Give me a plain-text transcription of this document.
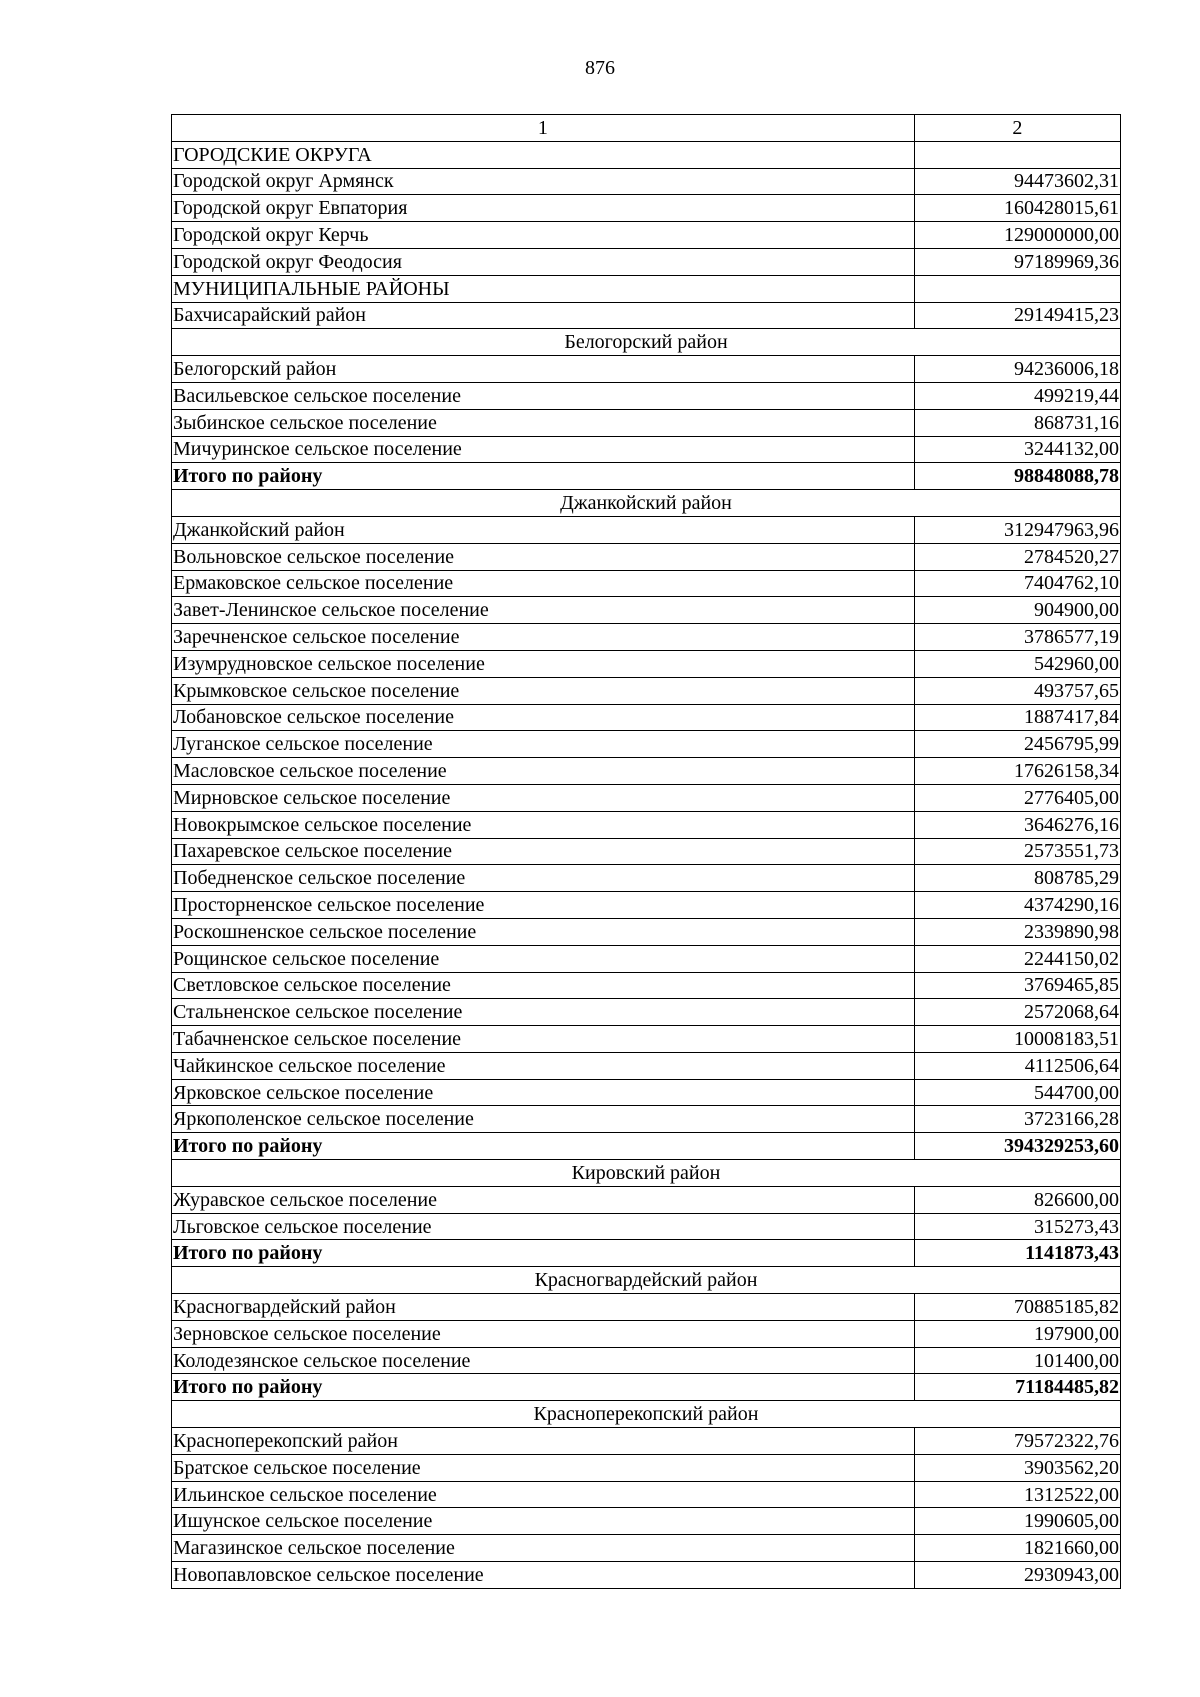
876
1	2
ГОРОДСКИЕ ОКРУГА	
Городской округ Армянск	94473602,31
Городской округ Евпатория	160428015,61
Городской округ Керчь	129000000,00
Городской округ Феодосия	97189969,36
МУНИЦИПАЛЬНЫЕ РАЙОНЫ	
Бахчисарайский район	29149415,23
Белогорский район	
Белогорский район	94236006,18
Васильевское сельское поселение	499219,44
Зыбинское сельское поселение	868731,16
Мичуринское сельское поселение	3244132,00
Итого по району	98848088,78
Джанкойский район	
Джанкойский район	312947963,96
Вольновское сельское поселение	2784520,27
Ермаковское сельское поселение	7404762,10
Завет-Ленинское сельское поселение	904900,00
Заречненское сельское поселение	3786577,19
Изумрудновское сельское поселение	542960,00
Крымковское сельское поселение	493757,65
Лобановское сельское поселение	1887417,84
Луганское сельское поселение	2456795,99
Масловское сельское поселение	17626158,34
Мирновское сельское поселение	2776405,00
Новокрымское сельское поселение	3646276,16
Пахаревское сельское поселение	2573551,73
Победненское сельское поселение	808785,29
Просторненское сельское поселение	4374290,16
Роскошненское сельское поселение	2339890,98
Рощинское сельское поселение	2244150,02
Светловское сельское поселение	3769465,85
Стальненское сельское поселение	2572068,64
Табачненское сельское поселение	10008183,51
Чайкинское сельское поселение	4112506,64
Ярковское сельское поселение	544700,00
Яркополенское сельское поселение	3723166,28
Итого по району	394329253,60
Кировский район	
Журавское сельское поселение	826600,00
Льговское сельское поселение	315273,43
Итого по району	1141873,43
Красногвардейский район	
Красногвардейский район	70885185,82
Зерновское сельское поселение	197900,00
Колодезянское сельское поселение	101400,00
Итого по району	71184485,82
Красноперекопский район	
Красноперекопский район	79572322,76
Братское сельское поселение	3903562,20
Ильинское сельское поселение	1312522,00
Ишунское сельское поселение	1990605,00
Магазинское сельское поселение	1821660,00
Новопавловское сельское поселение	2930943,00
